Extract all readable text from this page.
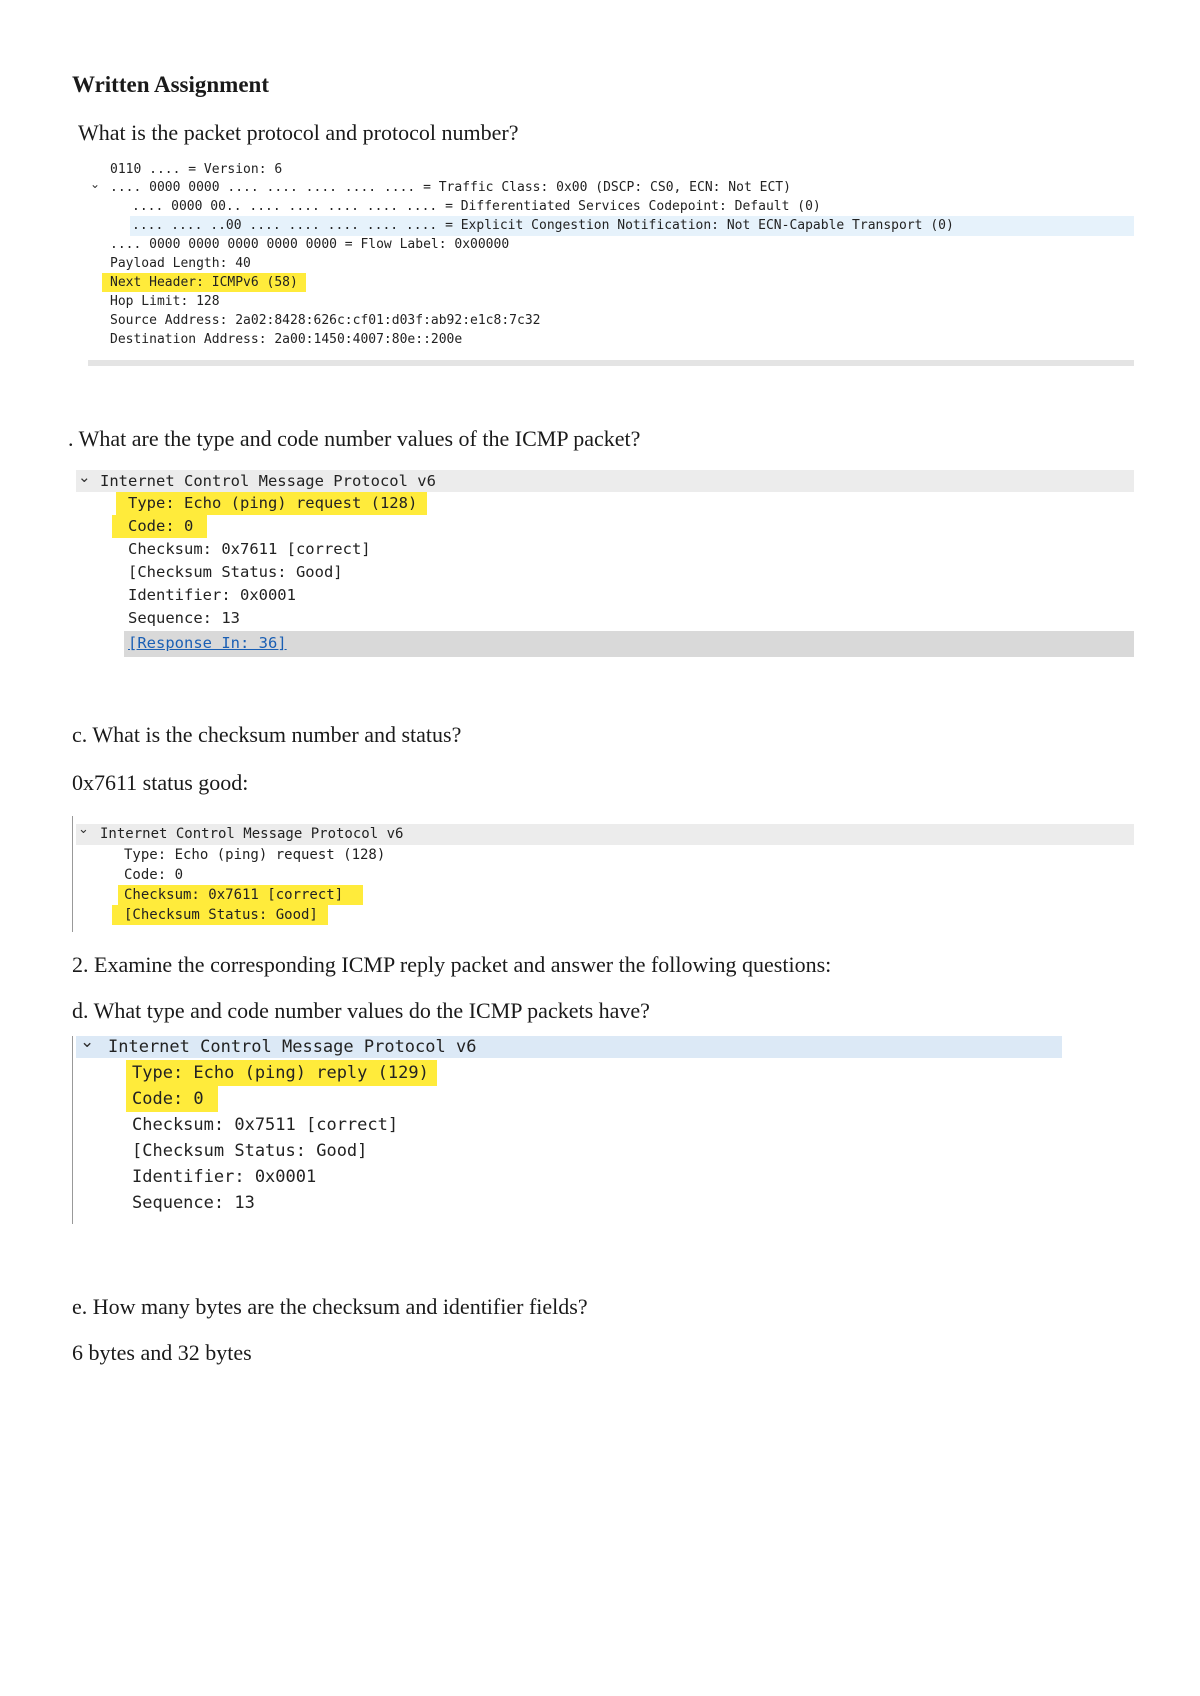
Written Assignment
What is the packet protocol and protocol number?

0110 .... = Version: 6

⌄

.... 0000 0000 .... .... .... .... .... = Traffic Class: 0x00 (DSCP: CS0, ECN: Not ECT)

.... 0000 00.. .... .... .... .... .... = Differentiated Services Codepoint: Default (0)

.... .... ..00 .... .... .... .... .... = Explicit Congestion Notification: Not ECN-Capable Transport (0)

.... 0000 0000 0000 0000 0000 = Flow Label: 0x00000

Payload Length: 40

Next Header: ICMPv6 (58)

Hop Limit: 128

Source Address: 2a02:8428:626c:cf01:d03f:ab92:e1c8:7c32

Destination Address: 2a00:1450:4007:80e::200e

. What are the type and code number values of the ICMP packet?

⌄

Internet Control Message Protocol v6

Type: Echo (ping) request (128)

Code: 0

Checksum: 0x7611 [correct]

[Checksum Status: Good]

Identifier: 0x0001

Sequence: 13

[Response In: 36]

c. What is the checksum number and status?
0x7611 status good:

⌄

Internet Control Message Protocol v6

Type: Echo (ping) request (128)

Code: 0

Checksum: 0x7611 [correct]

[Checksum Status: Good]

2. Examine the corresponding ICMP reply packet and answer the following questions:
d. What type and code number values do the ICMP packets have?

⌄

Internet Control Message Protocol v6

Type: Echo (ping) reply (129)

Code: 0

Checksum: 0x7511 [correct]

[Checksum Status: Good]

Identifier: 0x0001

Sequence: 13

e. How many bytes are the checksum and identifier fields?
6 bytes and 32 bytes
